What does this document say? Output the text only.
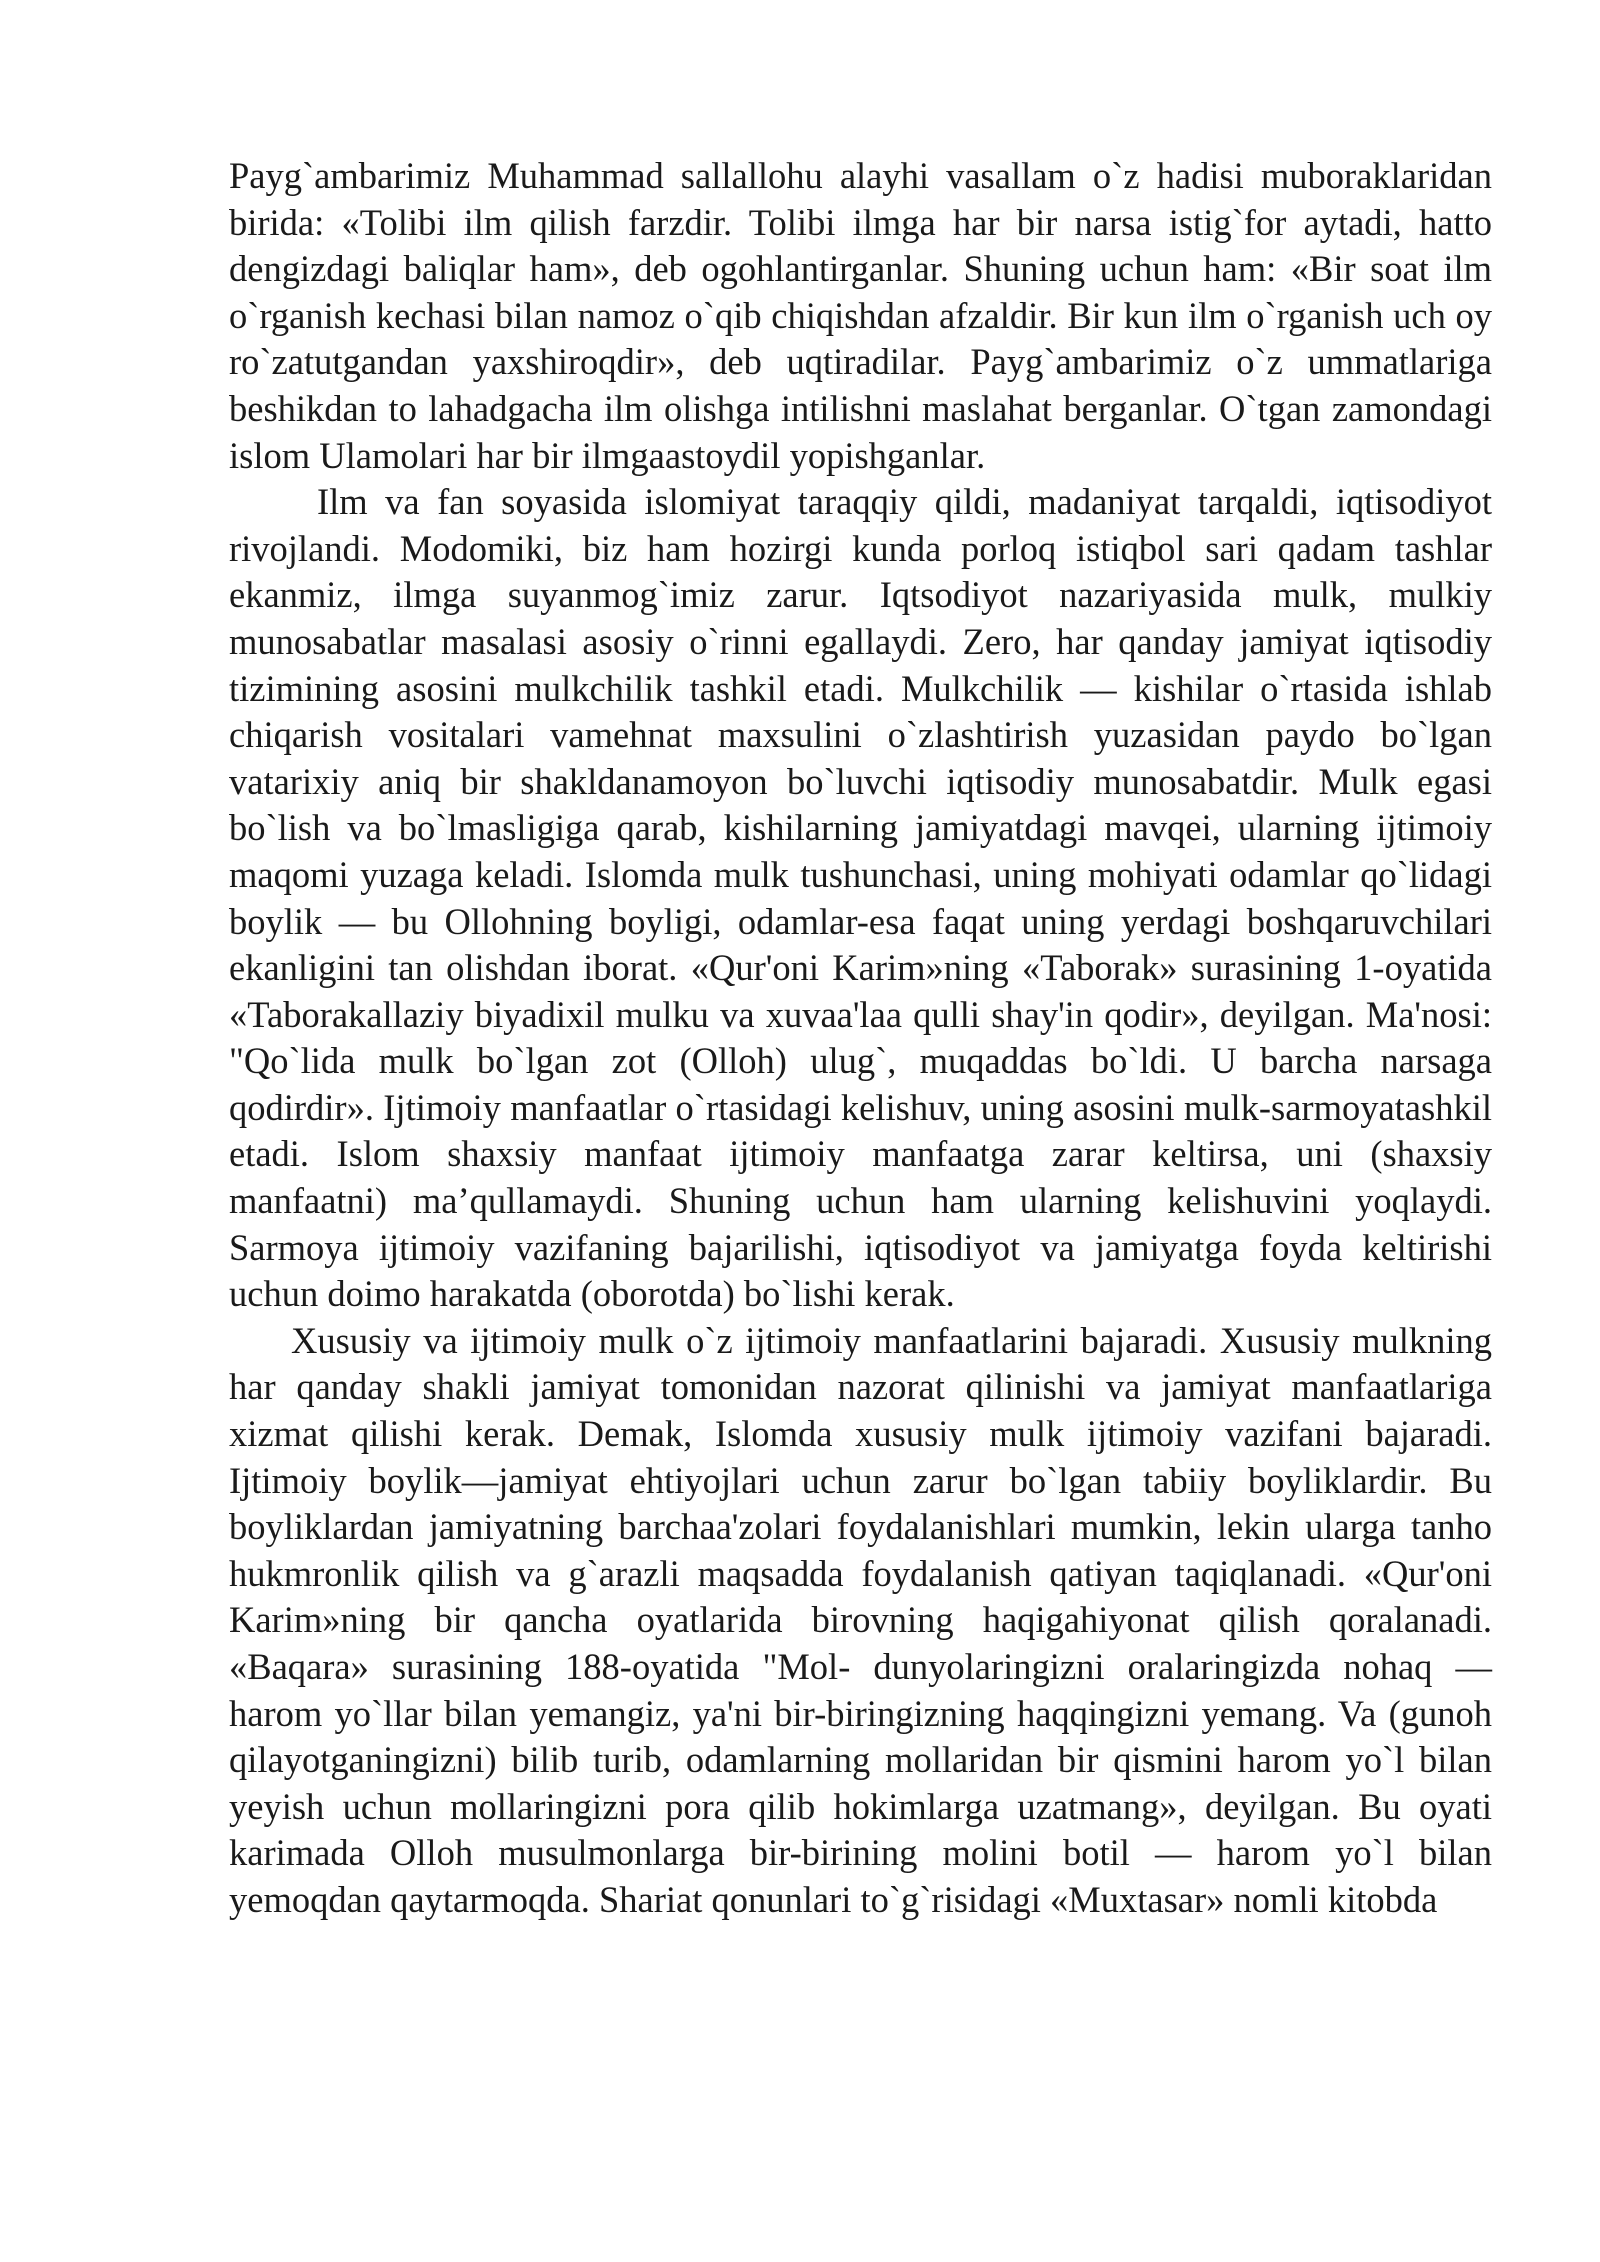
Payg`ambarimiz Muhammad sallallohu alayhi vasallam o`z hadisi muboraklaridan birida: «Tolibi ilm qilish farzdir. Tolibi ilmga har bir narsa istig`for aytadi, hatto dengizdagi baliqlar ham», deb ogohlantirganlar. Shuning uchun ham: «Bir soat ilm o`rganish kechasi bilan namoz o`qib chiqishdan afzaldir. Bir kun ilm o`rganish uch oy ro`zatutgandan yaxshiroqdir», deb uqtiradilar. Payg`ambarimiz o`z ummatlariga beshikdan to lahadgacha ilm olishga intilishni maslahat berganlar. O`tgan zamondagi islom Ulamolari har bir ilmgaastoydil yopishganlar.

Ilm va fan soyasida islomiyat taraqqiy qildi, madaniyat tarqaldi, iqtisodiyot rivojlandi. Modomiki, biz ham hozirgi kunda porloq istiqbol sari qadam tashlar ekanmiz, ilmga suyanmog`imiz zarur. Iqtsodiyot nazariyasida mulk, mulkiy munosabatlar masalasi asosiy o`rinni egallaydi. Zero, har qanday jamiyat iqtisodiy tizimining asosini mulkchilik tashkil etadi. Mulkchilik — kishilar o`rtasida ishlab chiqarish vositalari vamehnat maxsulini o`zlashtirish yuzasidan paydo bo`lgan vatarixiy aniq bir shakldanamoyon bo`luvchi iqtisodiy munosabatdir. Mulk egasi bo`lish va bo`lmasligiga qarab, kishilarning jamiyatdagi mavqei, ularning ijtimoiy maqomi yuzaga keladi. Islomda mulk tushunchasi, uning mohiyati odamlar qo`lidagi boylik — bu Ollohning boyligi, odamlar-esa faqat uning yerdagi boshqaruvchilari ekanligini tan olishdan iborat. «Qur'oni Karim»ning «Taborak» surasining 1-oyatida «Taborakallaziy biyadixil mulku va xuvaa'laa qulli shay'in qodir», deyilgan. Ma'nosi: "Qo`lida mulk bo`lgan zot (Olloh) ulug`, muqaddas bo`ldi. U barcha narsaga qodirdir». Ijtimoiy manfaatlar o`rtasidagi kelishuv, uning asosini mulk-sarmoyatashkil etadi. Islom shaxsiy manfaat ijtimoiy manfaatga zarar keltirsa, uni (shaxsiy manfaatni) ma’qullamaydi. Shuning uchun ham ularning kelishuvini yoqlaydi. Sarmoya ijtimoiy vazifaning bajarilishi, iqtisodiyot va jamiyatga foyda keltirishi uchun doimo harakatda (oborotda) bo`lishi kerak.

Xususiy va ijtimoiy mulk o`z ijtimoiy manfaatlarini bajaradi. Xususiy mulkning har qanday shakli jamiyat tomonidan nazorat qilinishi va jamiyat manfaatlariga xizmat qilishi kerak. Demak, Islomda xususiy mulk ijtimoiy vazifani bajaradi. Ijtimoiy boylik—jamiyat ehtiyojlari uchun zarur bo`lgan tabiiy boyliklardir. Bu boyliklardan jamiyatning barchaa'zolari foydalanishlari mumkin, lekin ularga tanho hukmronlik qilish va g`arazli maqsadda foydalanish qatiyan taqiqlanadi. «Qur'oni Karim»ning bir qancha oyatlarida birovning haqigahiyonat qilish qoralanadi. «Baqara» surasining 188-oyatida "Mol- dunyolaringizni oralaringizda nohaq — harom yo`llar bilan yemangiz, ya'ni bir-biringizning haqqingizni yemang. Va (gunoh qilayotganingizni) bilib turib, odamlarning mollaridan bir qismini harom yo`l bilan yeyish uchun mollaringizni pora qilib hokimlarga uzatmang», deyilgan. Bu oyati karimada Olloh musulmonlarga bir-birining molini botil — harom yo`l bilan yemoqdan qaytarmoqda. Shariat qonunlari to`g`risidagi «Muxtasar» nomli kitobda
